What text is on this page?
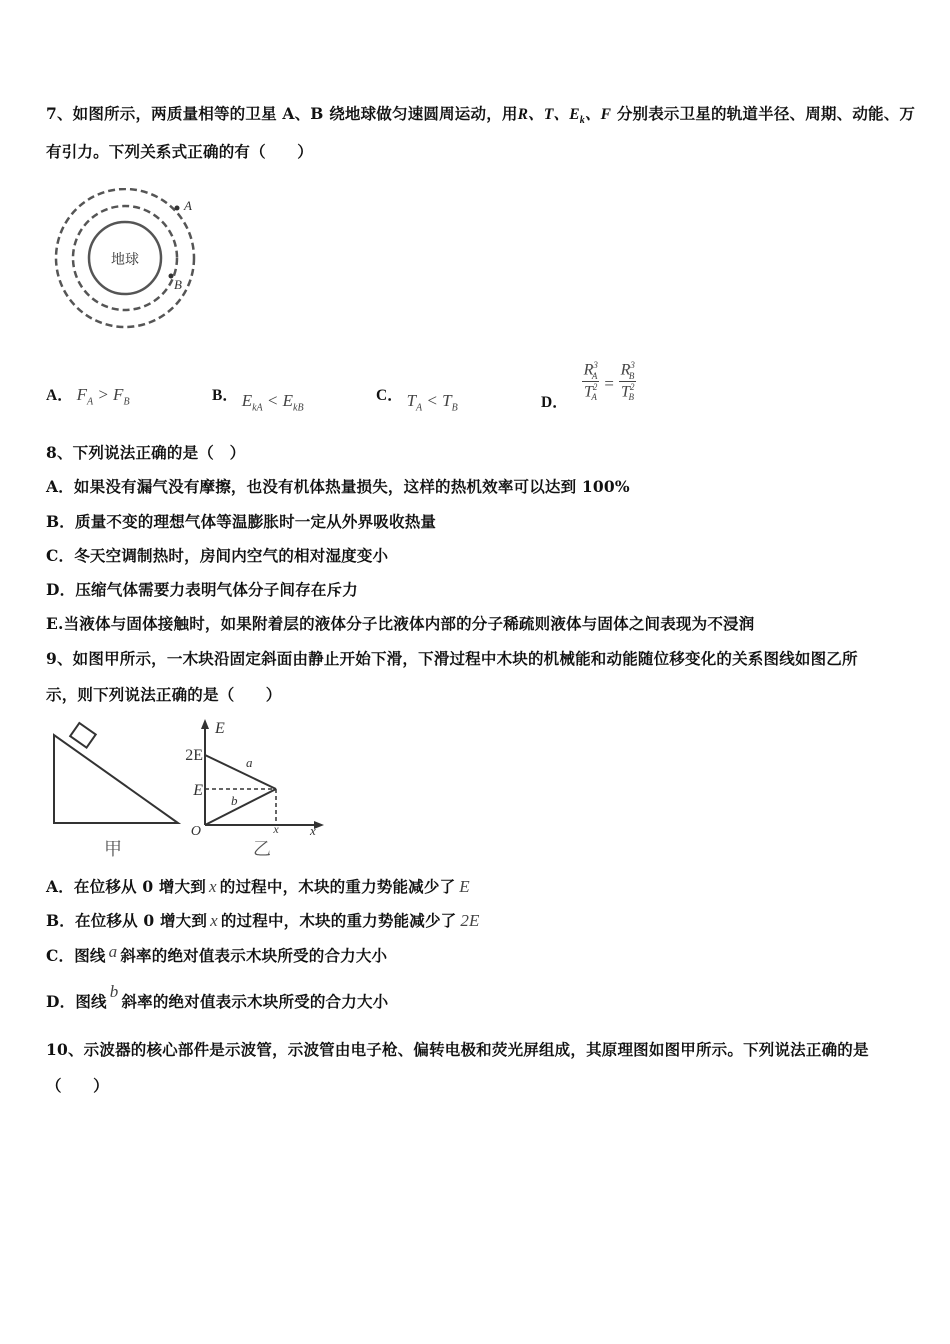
7、如图所示，两质量相等的卫星 A、B 绕地球做匀速圆周运动，用R、T、$E_k$、F 分别表示卫星的轨道半径、周期、动能、万
有引力。下列关系式正确的有（　　）
地球
A
B
A． $F_A > F_B$	B． $E_{kA} < E_{kB}$
C． $T_A < T_B$	D．
$\frac{R^3_A}{T^2_A} = \frac{R^3_B}{T^2_B}$
8、下列说法正确的是（　）
A．如果没有漏气没有摩擦，也没有机体热量损失，这样的热机效率可以达到 100%
B．质量不变的理想气体等温膨胀时一定从外界吸收热量
C．冬天空调制热时，房间内空气的相对湿度变小
D．压缩气体需要力表明气体分子间存在斥力
E.当液体与固体接触时，如果附着层的液体分子比液体内部的分子稀疏则液体与固体之间表现为不浸润
9、如图甲所示，一木块沿固定斜面由静止开始下滑，下滑过程中木块的机械能和动能随位移变化的关系图线如图乙所
示，则下列说法正确的是（　　）
甲
E
x
2E
E
O	x
a
b
乙
A．在位移从 0 增大到 x 的过程中，木块的重力势能减少了 E
B．在位移从 0 增大到 x 的过程中，木块的重力势能减少了 2E
C．图线 a 斜率的绝对值表示木块所受的合力大小
D．图线b斜率的绝对值表示木块所受的合力大小
10、示波器的核心部件是示波管，示波管由电子枪、偏转电极和荧光屏组成，其原理图如图甲所示。下列说法正确的是
（　　）
